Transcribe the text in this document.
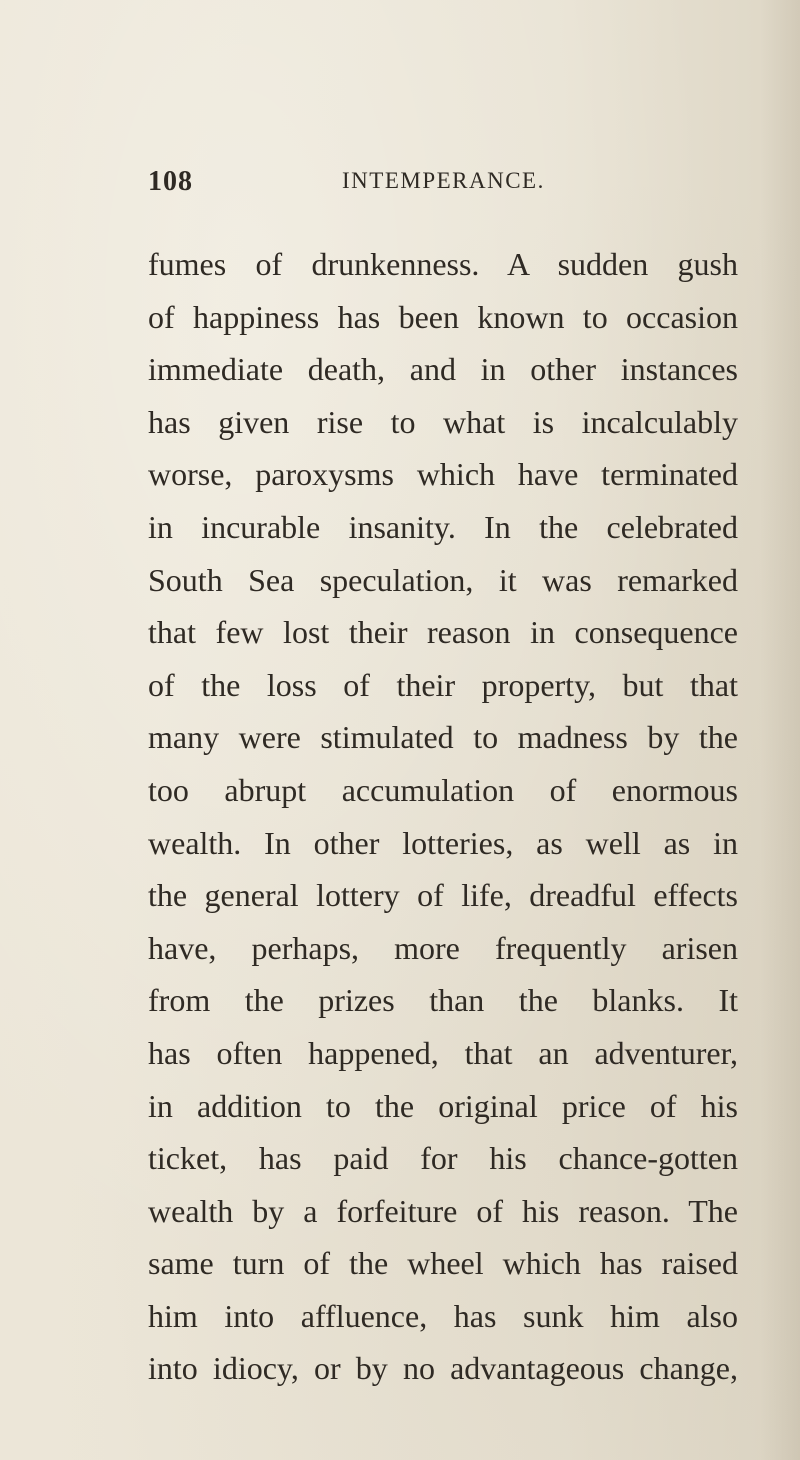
108	INTEMPERANCE.
fumes of drunkenness. A sudden gush
of happiness has been known to occasion
immediate death, and in other instances
has given rise to what is incalculably
worse, paroxysms which have terminated
in incurable insanity. In the celebrated
South Sea speculation, it was remarked
that few lost their reason in consequence
of the loss of their property, but that
many were stimulated to madness by the
too abrupt accumulation of enormous
wealth. In other lotteries, as well as in
the general lottery of life, dreadful effects
have, perhaps, more frequently arisen
from the prizes than the blanks. It
has often happened, that an adventurer,
in addition to the original price of his
ticket, has paid for his chance-gotten
wealth by a forfeiture of his reason. The
same turn of the wheel which has raised
him into affluence, has sunk him also
into idiocy, or by no advantageous change,
